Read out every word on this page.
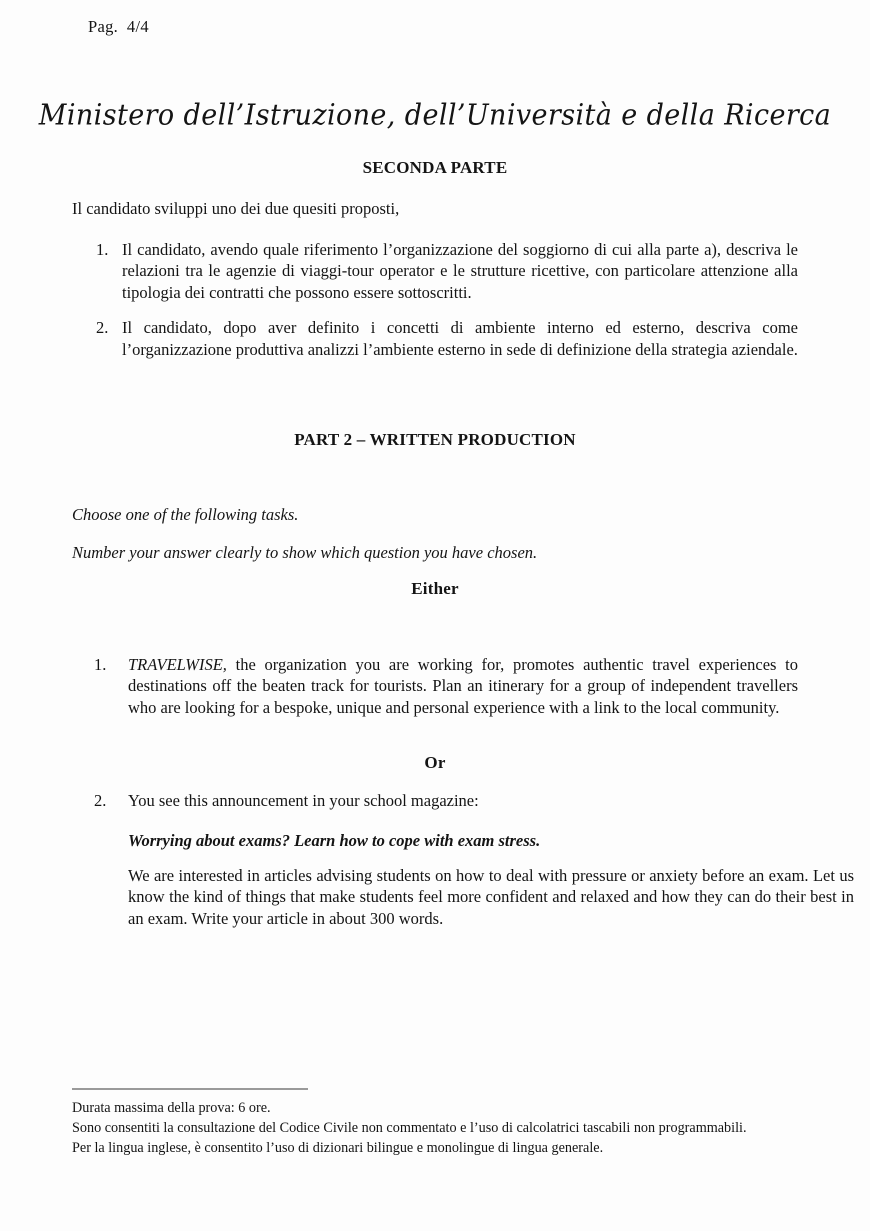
Pag.  4/4
Ministero dell’Istruzione, dell’Università e della Ricerca
SECONDA PARTE
Il candidato sviluppi uno dei due quesiti proposti,
1. Il candidato, avendo quale riferimento l’organizzazione del soggiorno di cui alla parte a), descriva le relazioni tra le agenzie di viaggi-tour operator e le strutture ricettive, con particolare attenzione alla tipologia dei contratti che possono essere sottoscritti.
2. Il candidato, dopo aver definito i concetti di ambiente interno ed esterno, descriva come l’organizzazione produttiva analizzi l’ambiente esterno in sede di definizione della strategia aziendale.
PART 2 – WRITTEN PRODUCTION
Choose one of the following tasks.
Number your answer clearly to show which question you have chosen.
Either
1.	TRAVELWISE, the organization you are working for, promotes authentic travel experiences to destinations off the beaten track for tourists. Plan an itinerary for a group of independent travellers who are looking for a bespoke, unique and personal experience with a link to the local community.
Or
2.	You see this announcement in your school magazine:
Worrying about exams? Learn how to cope with exam stress.
We are interested in articles advising students on how to deal with pressure or anxiety before an exam. Let us know the kind of things that make students feel more confident and relaxed and how they can do their best in an exam. Write your article in about 300 words.
Durata massima della prova: 6 ore.
Sono consentiti la consultazione del Codice Civile non commentato e l’uso di calcolatrici tascabili non programmabili.
Per la lingua inglese, è consentito l’uso di dizionari bilingue e monolingue di lingua generale.
